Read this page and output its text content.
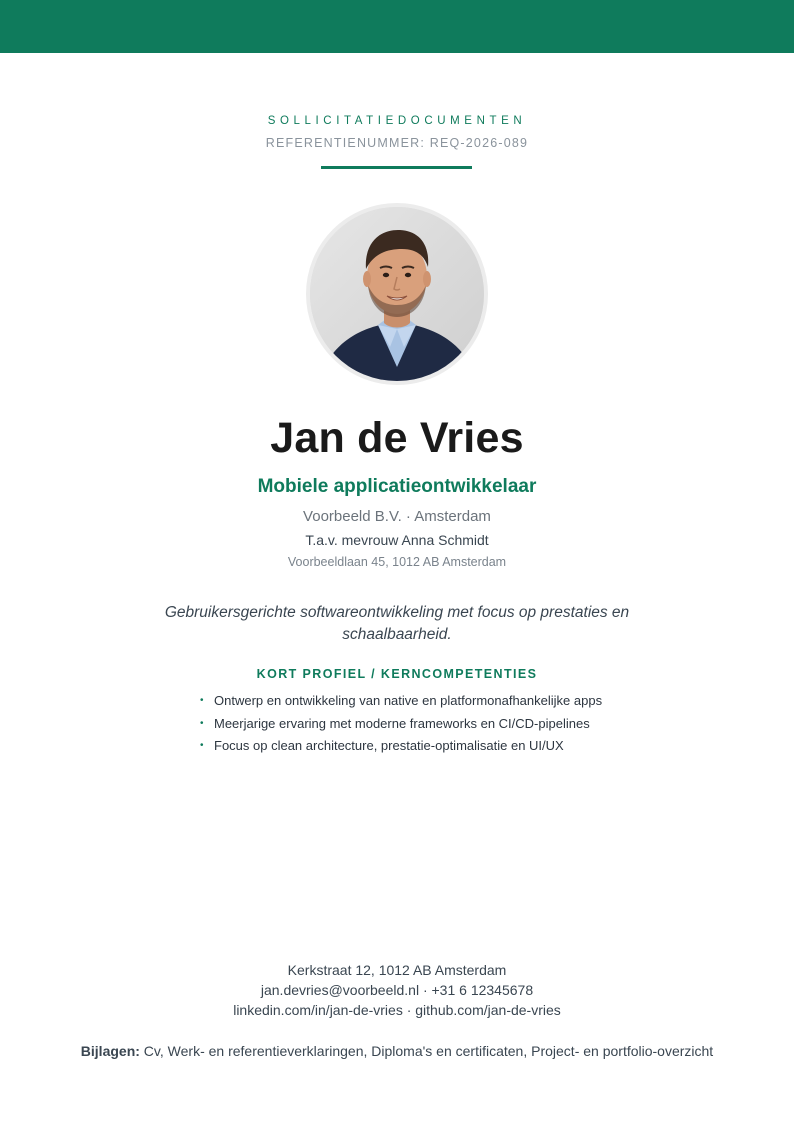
SOLLICITATIEDOCUMENTEN
REFERENTIENUMMER: REQ-2026-089
Jan de Vries
Mobiele applicatieontwikkelaar
Voorbeeld B.V. · Amsterdam
T.a.v. mevrouw Anna Schmidt
Voorbeeldlaan 45, 1012 AB Amsterdam
Gebruikersgerichte softwareontwikkeling met focus op prestaties en
schaalbaarheid.
KORT PROFIEL / KERNCOMPETENTIES
• Ontwerp en ontwikkeling van native en platformonafhankelijke apps
• Meerjarige ervaring met moderne frameworks en CI/CD-pipelines
• Focus op clean architecture, prestatie-optimalisatie en UI/UX
Kerkstraat 12, 1012 AB Amsterdam
jan.devries@voorbeeld.nl · +31 6 12345678
linkedin.com/in/jan-de-vries · github.com/jan-de-vries
Bijlagen: Cv, Werk- en referentieverklaringen, Diploma's en certificaten, Project- en portfolio-overzicht
